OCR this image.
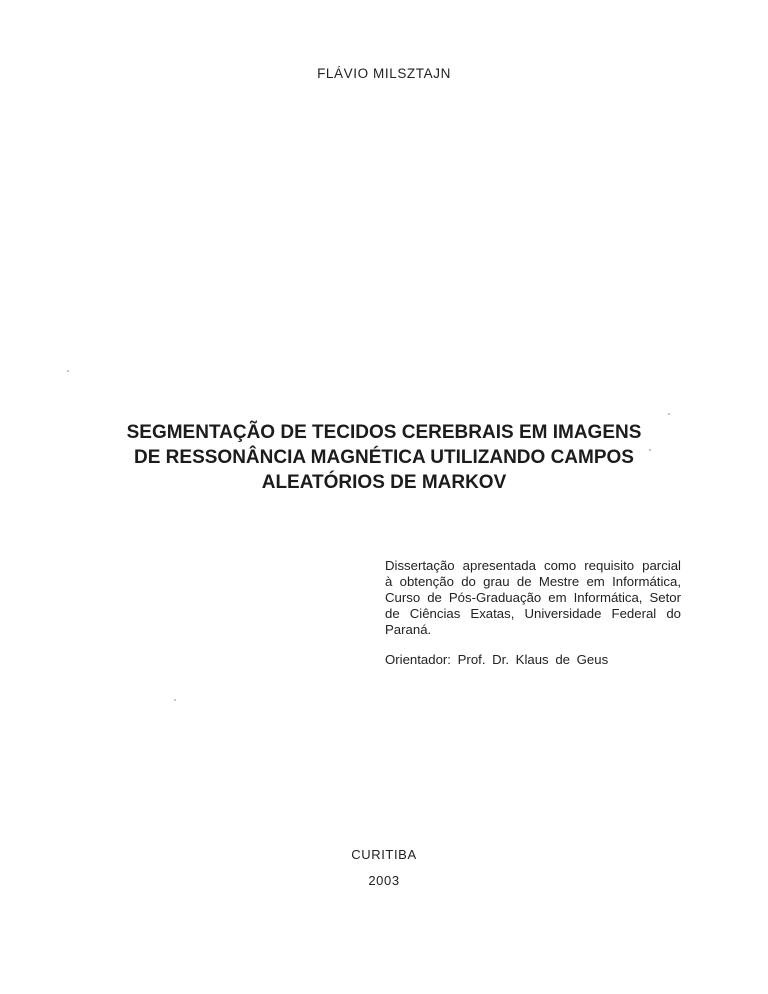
FLÁVIO MILSZTAJN
SEGMENTAÇÃO DE TECIDOS CEREBRAIS EM IMAGENS
DE RESSONÂNCIA MAGNÉTICA UTILIZANDO CAMPOS
ALEATÓRIOS DE MARKOV
Dissertação apresentada como requisito parcial
à obtenção do grau de Mestre em Informática,
Curso de Pós-Graduação em Informática, Setor
de Ciências Exatas, Universidade Federal do
Paraná.
Orientador: Prof. Dr. Klaus de Geus
CURITIBA
2003
